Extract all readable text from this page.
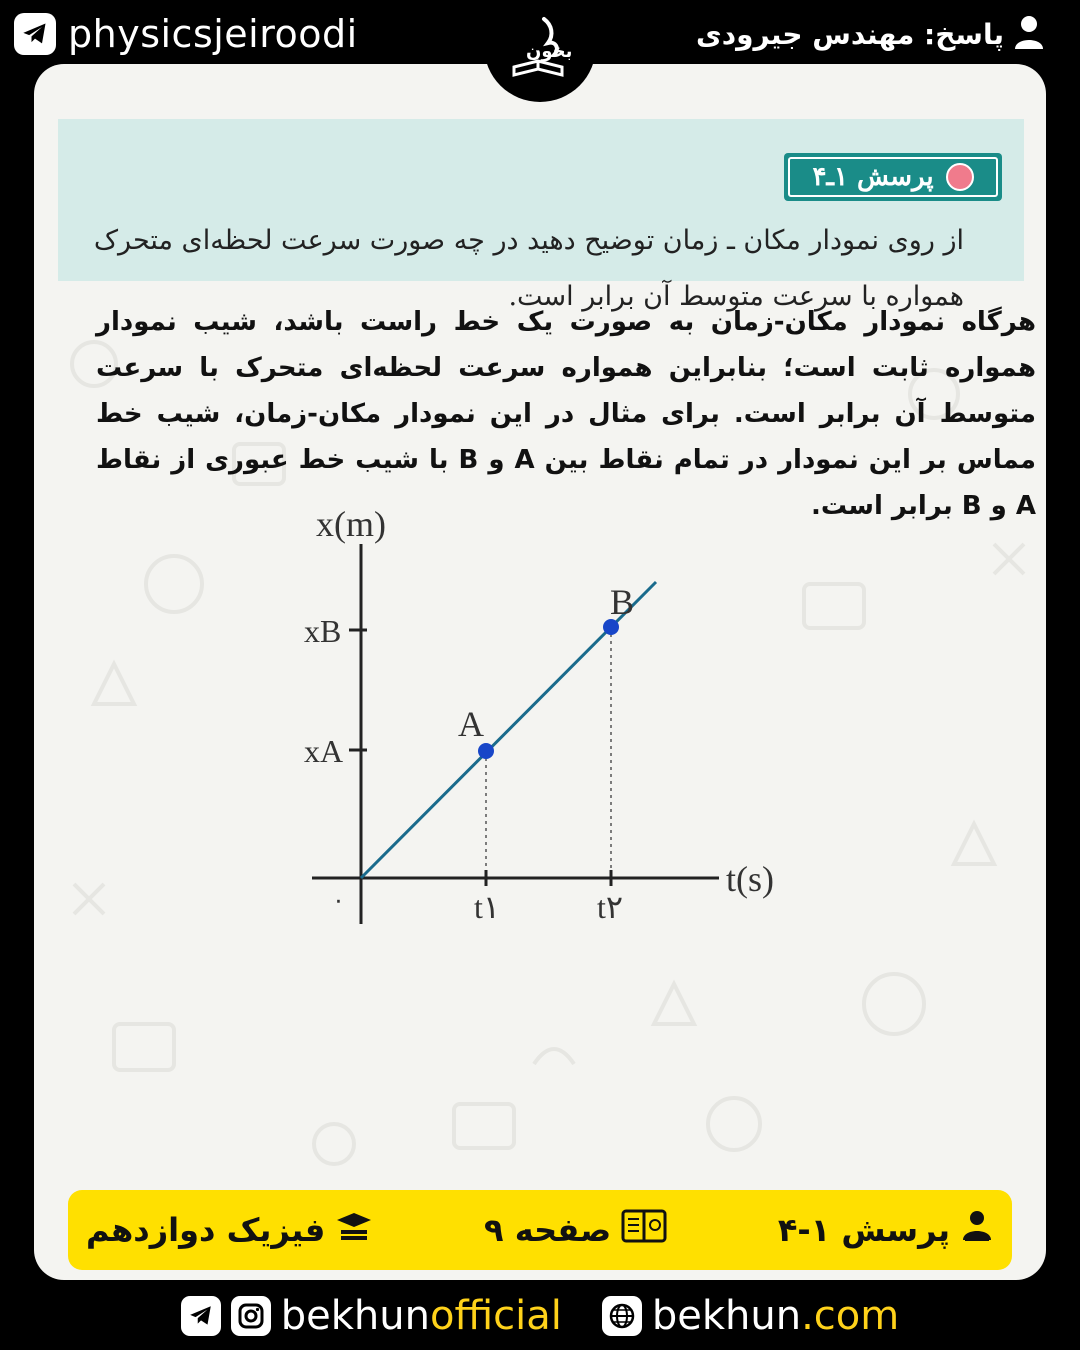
physicsjeiroodi	پاسخ: مهندس جیرودی
بخون
پرسش ۱ـ۴
از روی نمودار مکان ـ زمان توضیح دهید در چه صورت سرعت لحظه‌ای متحرک
همواره با سرعت متوسط آن برابر است.
هرگاه نمودار مکان-زمان به صورت یک خط راست باشد، شیب نمودار همواره ثابت است؛ بنابراین همواره سرعت لحظه‌ای متحرک با سرعت متوسط آن برابر است. برای مثال در این نمودار مکان-زمان، شیب خط مماس بر این نمودار در تمام نقاط بین A و B با شیب خط عبوری از نقاط A و B برابر است.
x(m)
t(s)
A
B
xB
xA
t۱	t۲
۰
پرسش ۱-۴
صفحه ۹
فیزیک دوازدهم
bekhunofficial bekhun.com
